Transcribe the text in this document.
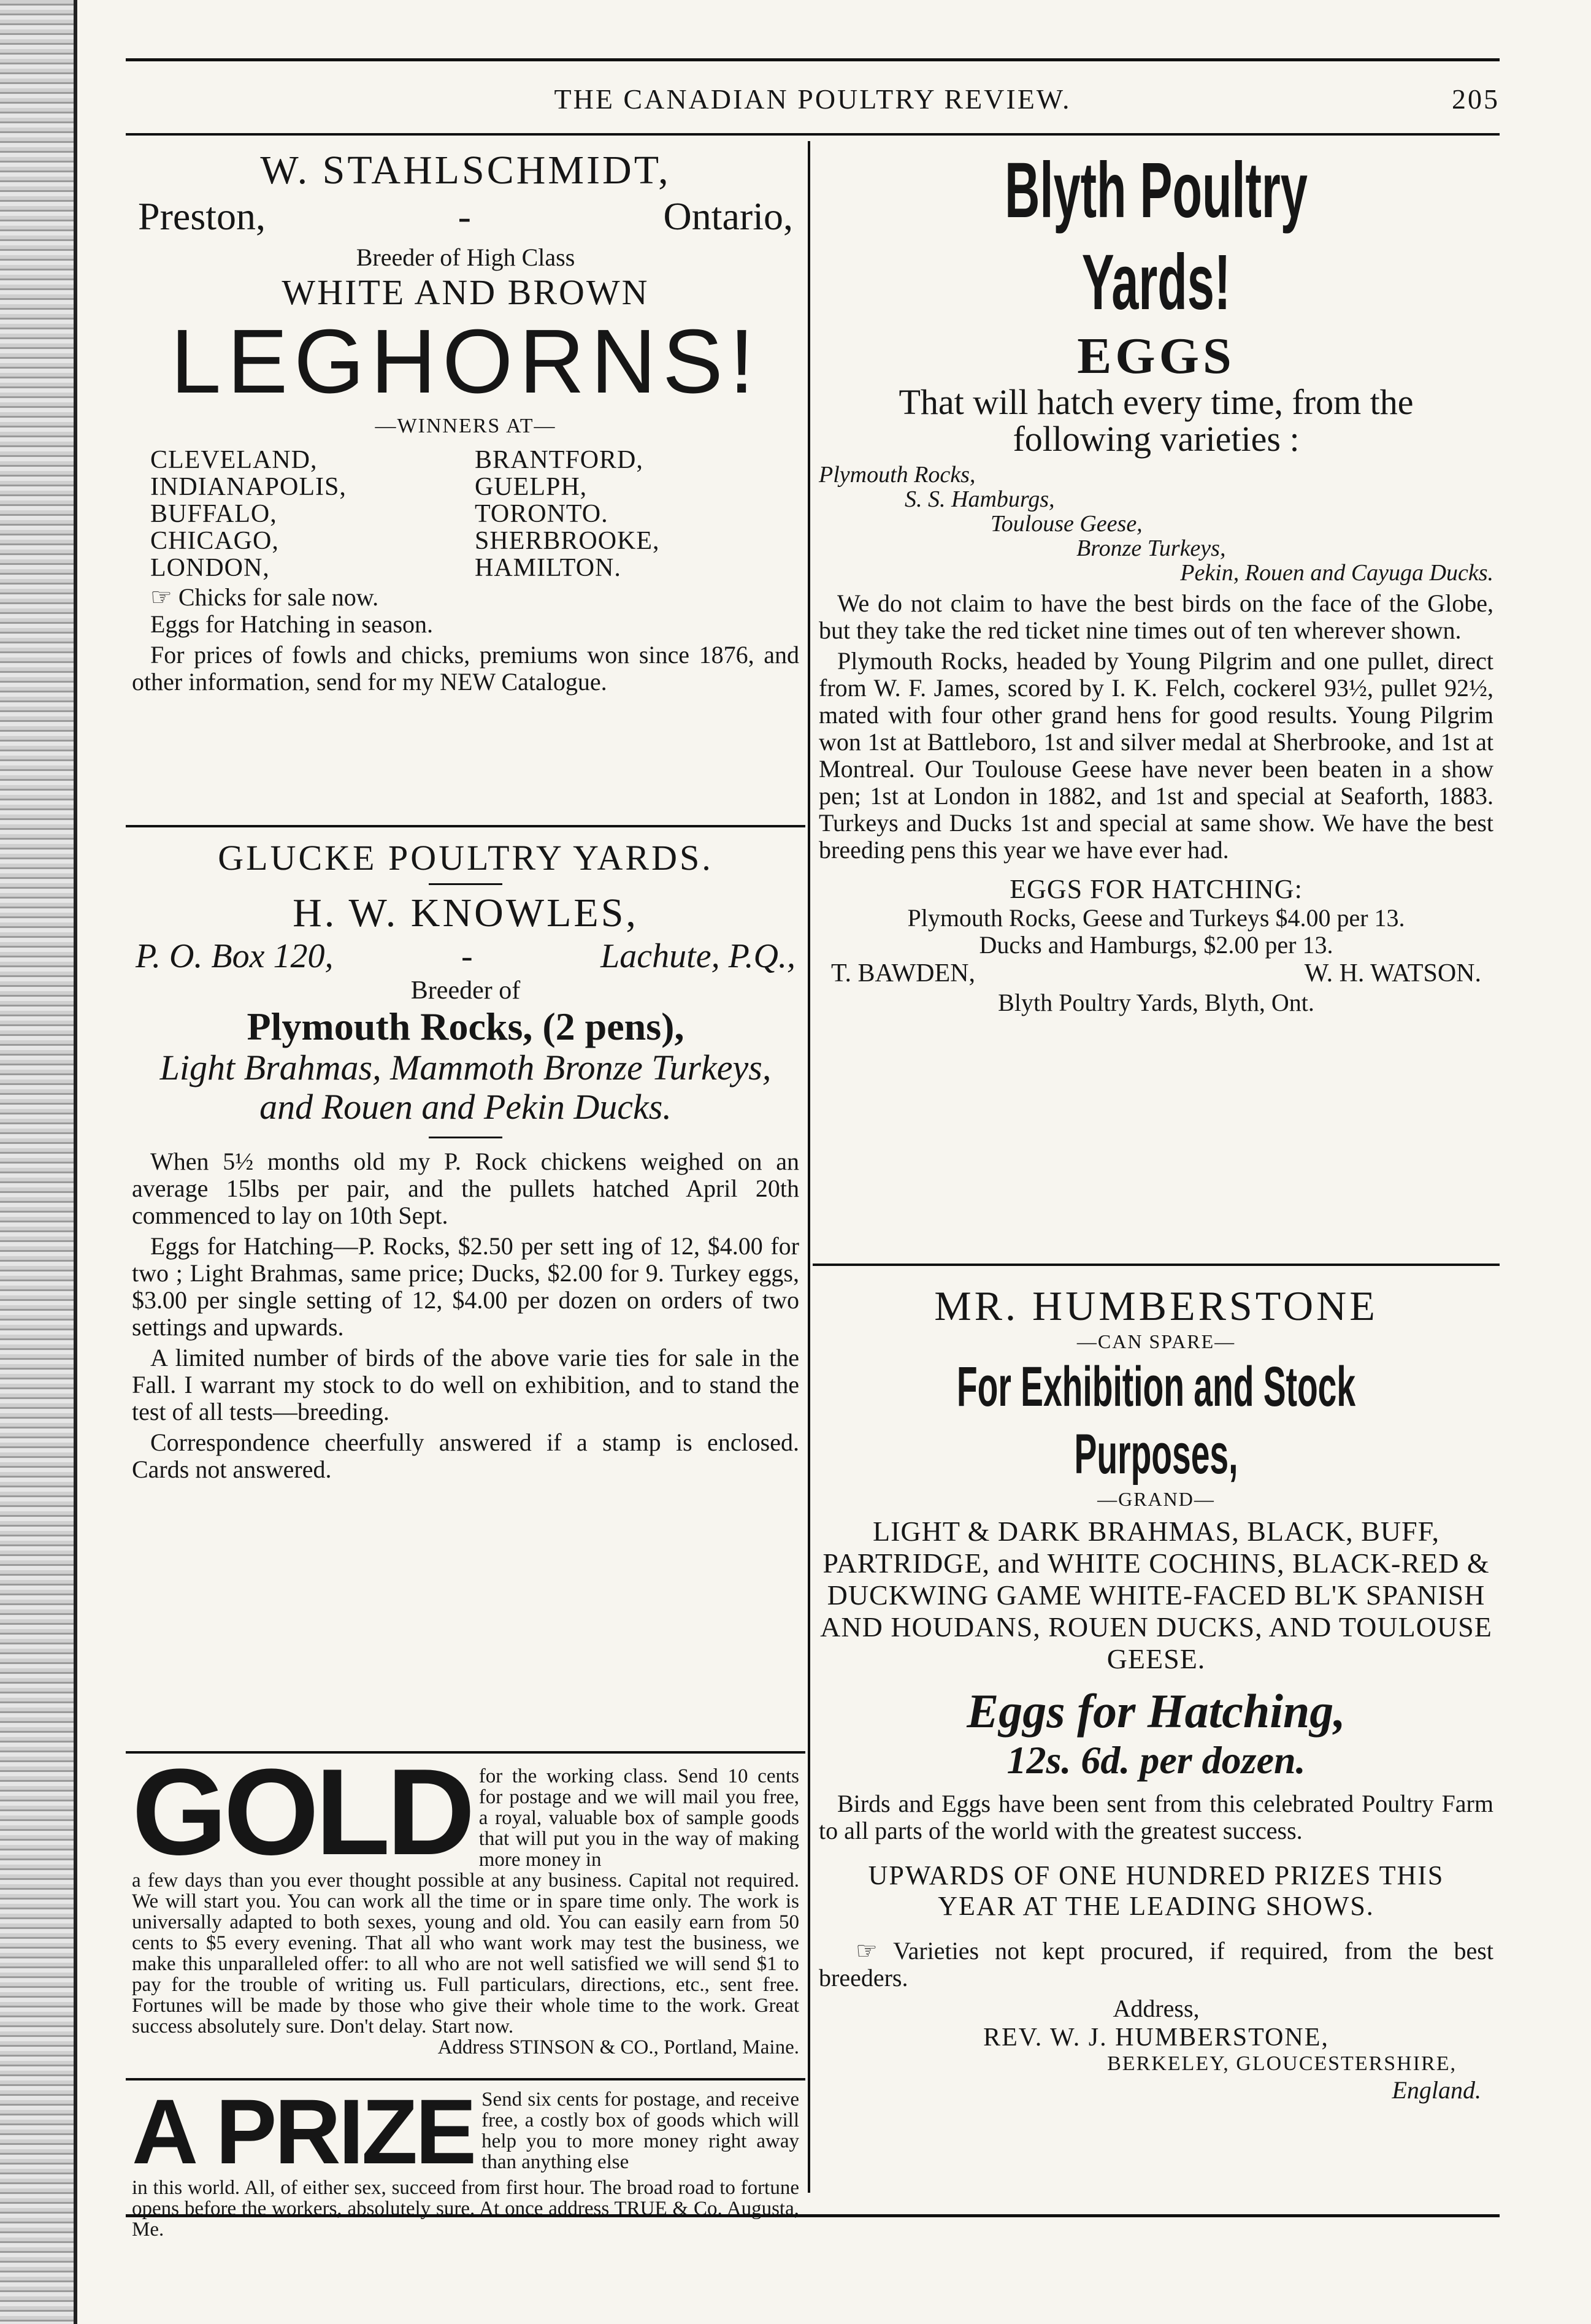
THE CANADIAN POULTRY REVIEW.	205
W. STAHLSCHMIDT,
Preston,	-	Ontario,
Breeder of High Class
WHITE AND BROWN
LEGHORNS!
—WINNERS AT—
CLEVELAND,	BRANTFORD,
INDIANAPOLIS,	GUELPH,
BUFFALO,	TORONTO.
CHICAGO,	SHERBROOKE,
LONDON,	HAMILTON.
☞ Chicks for sale now.

Eggs for Hatching in season.

For prices of fowls and chicks, premiums won since 1876, and other information, send for my NEW Catalogue.

GLUCKE POULTRY YARDS.
H. W. KNOWLES,
P. O. Box 120,	-	Lachute, P.Q.,
Breeder of
Plymouth Rocks, (2 pens),
Light Brahmas, Mammoth Bronze Turkeys, and Rouen and Pekin Ducks.

When 5½ months old my P. Rock chickens weighed on an average 15lbs per pair, and the pullets hatched April 20th commenced to lay on 10th Sept.

Eggs for Hatching—P. Rocks, $2.50 per sett ing of 12, $4.00 for two ; Light Brahmas, same price; Ducks, $2.00 for 9. Turkey eggs, $3.00 per single setting of 12, $4.00 per dozen on orders of two settings and upwards.

A limited number of birds of the above varie ties for sale in the Fall. I warrant my stock to do well on exhibition, and to stand the test of all tests—breeding.

Correspondence cheerfully answered if a stamp is enclosed. Cards not answered.

GOLD for the working class. Send 10 cents for postage and we will mail you free, a royal, valuable box of sample goods that will put you in the way of making more money in

a few days than you ever thought possible at any business. Capital not required. We will start you. You can work all the time or in spare time only. The work is universally adapted to both sexes, young and old. You can easily earn from 50 cents to $5 every evening. That all who want work may test the business, we make this unparalleled offer: to all who are not well satisfied we will send $1 to pay for the trouble of writing us. Full particulars, directions, etc., sent free. Fortunes will be made by those who give their whole time to the work. Great success absolutely sure. Don't delay. Start now.

Address STINSON & CO., Portland, Maine.

A PRIZE Send six cents for postage, and receive free, a costly box of goods which will help you to more money right away than anything else

in this world. All, of either sex, succeed from first hour. The broad road to fortune opens before the workers, absolutely sure. At once address TRUE & Co. Augusta, Me.

Blyth Poultry Yards!
EGGS
That will hatch every time, from the
following varieties :
Plymouth Rocks,
S. S. Hamburgs,
Toulouse Geese,
Bronze Turkeys,
Pekin, Rouen and Cayuga Ducks.

We do not claim to have the best birds on the face of the Globe, but they take the red ticket nine times out of ten wherever shown.

Plymouth Rocks, headed by Young Pilgrim and one pullet, direct from W. F. James, scored by I. K. Felch, cockerel 93½, pullet 92½, mated with four other grand hens for good results. Young Pilgrim won 1st at Battleboro, 1st and silver medal at Sherbrooke, and 1st at Montreal. Our Toulouse Geese have never been beaten in a show pen; 1st at London in 1882, and 1st and special at Seaforth, 1883. Turkeys and Ducks 1st and special at same show. We have the best breeding pens this year we have ever had.

EGGS FOR HATCHING:

Plymouth Rocks, Geese and Turkeys $4.00 per 13.

Ducks and Hamburgs, $2.00 per 13.

T. BAWDEN,	W. H. WATSON.
Blyth Poultry Yards, Blyth, Ont.
MR. HUMBERSTONE
—CAN SPARE—
For Exhibition and Stock Purposes,
—GRAND—

LIGHT & DARK BRAHMAS, BLACK, BUFF, PARTRIDGE, and WHITE COCHINS, BLACK-RED & DUCKWING GAME WHITE-FACED BL'K SPANISH AND HOUDANS, ROUEN DUCKS, AND TOULOUSE GEESE.

Eggs for Hatching,
12s. 6d. per dozen.

Birds and Eggs have been sent from this celebrated Poultry Farm to all parts of the world with the greatest success.

UPWARDS OF ONE HUNDRED PRIZES THIS YEAR AT THE LEADING SHOWS.

☞ Varieties not kept procured, if required, from the best breeders.
Address,
REV. W. J. HUMBERSTONE,
BERKELEY, GLOUCESTERSHIRE,
England.
